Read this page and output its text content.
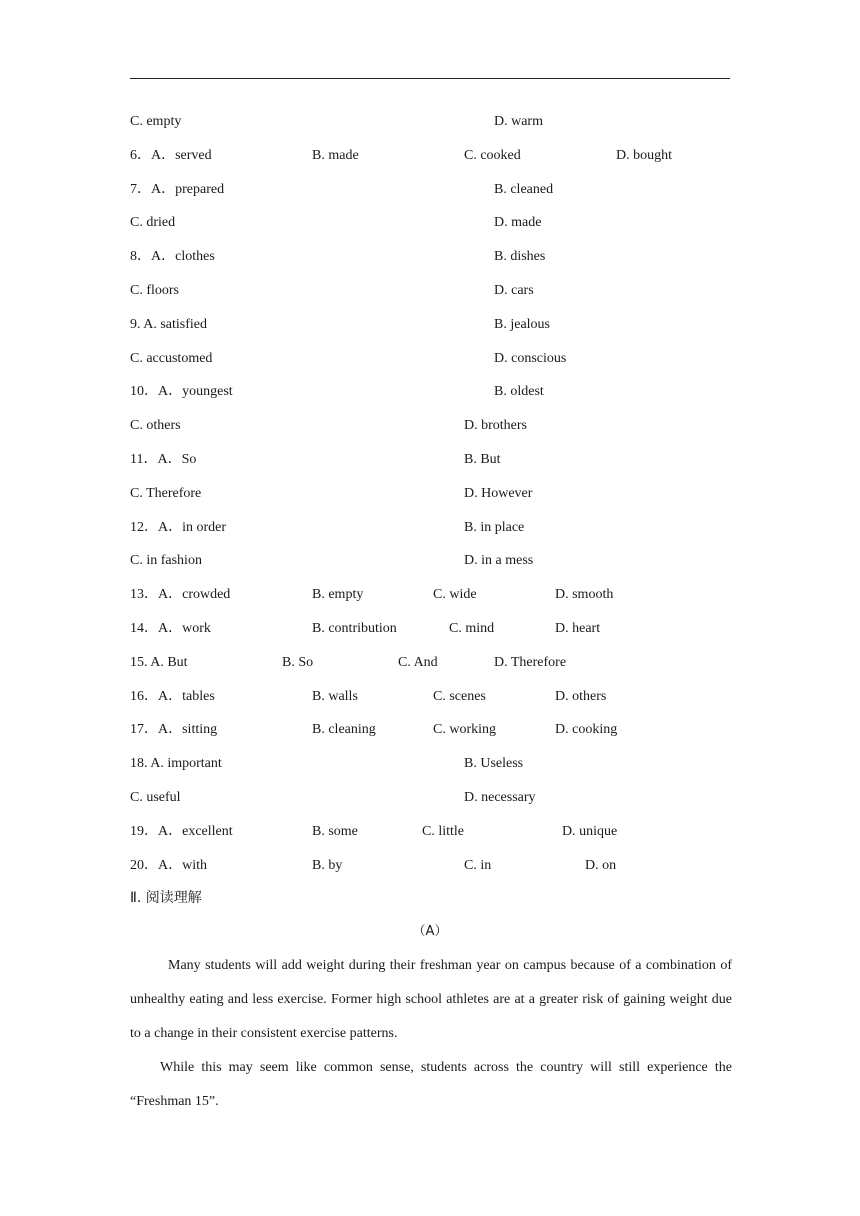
C. empty	D. warm
6．A．served	B. made	C. cooked	D. bought
7．A．prepared	B. cleaned
C. dried	D. made
8．A．clothes	B. dishes
C. floors	D. cars
9. A. satisfied	B. jealous
C. accustomed	D. conscious
10．A．youngest	B. oldest
C. others	D. brothers
11．A．So	B. But
C. Therefore	D. However
12．A．in order	B. in place
C. in fashion	D. in a mess
13．A．crowded	B. empty	C. wide	D. smooth
14．A．work	B. contribution	C. mind	D. heart
15. A. But	B. So	C. And	D. Therefore
16．A．tables	B. walls	C. scenes	D. others
17．A．sitting	B. cleaning	C. working	D. cooking
18. A. important	B. Useless
C. useful	D. necessary
19．A．excellent	B. some	C. little	D. unique
20．A．with	B. by	C. in	D. on
Ⅱ. 阅读理解
（A）
Many students will add weight during their freshman year on campus because of a combination of unhealthy eating and less exercise. Former high school athletes are at a greater risk of gaining weight due to a change in their consistent exercise patterns.
While this may seem like common sense, students across the country will still experience the “Freshman 15”.
